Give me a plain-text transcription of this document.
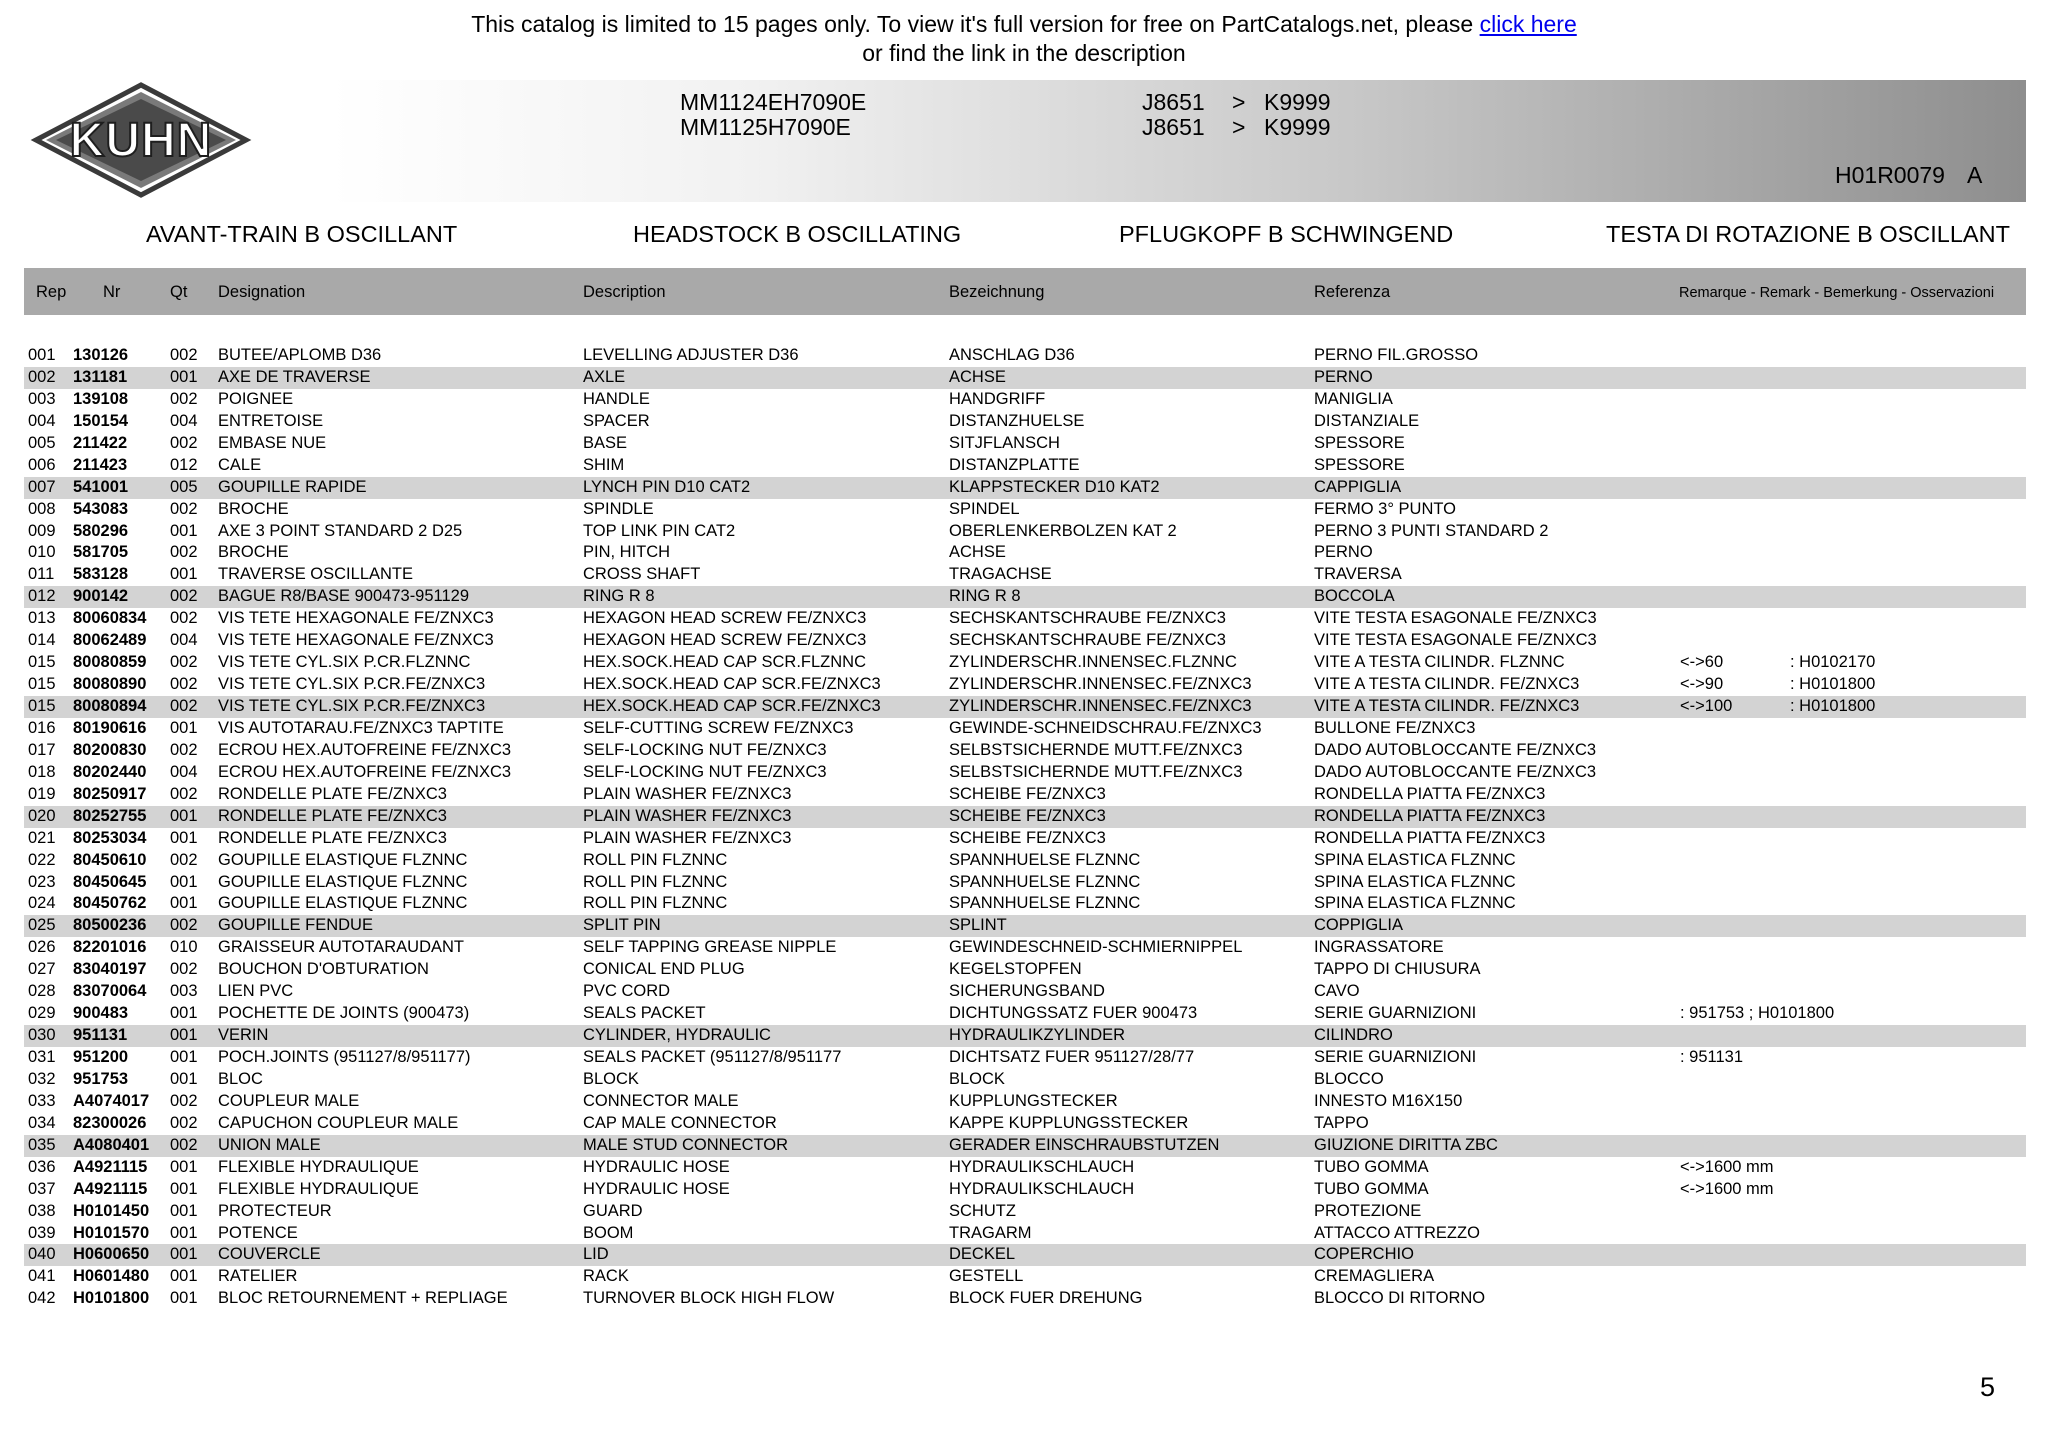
This catalog is limited to 15 pages only. To view it's full version for free on PartCatalogs.net, please click here
or find the link in the description
KUHN
MM1124EH7090E
MM1125H7090E
J8651
J8651
>
>
K9999
K9999
H01R0079 A
AVANT-TRAIN B OSCILLANT	HEADSTOCK B OSCILLATING	PFLUGKOPF B SCHWINGEND	TESTA DI ROTAZIONE B OSCILLANT
Rep Nr	Qt Designation	Description	Bezeichnung	Referenza	Remarque - Remark - Bemerkung - Osservazioni
001 130126	002 BUTEE/APLOMB D36	LEVELLING ADJUSTER D36	ANSCHLAG D36	PERNO FIL.GROSSO
002 131181	001 AXE DE TRAVERSE	AXLE	ACHSE	PERNO
003 139108	002 POIGNEE	HANDLE	HANDGRIFF	MANIGLIA
004 150154	004 ENTRETOISE	SPACER	DISTANZHUELSE	DISTANZIALE
005 211422	002 EMBASE NUE	BASE	SITJFLANSCH	SPESSORE
006 211423	012 CALE	SHIM	DISTANZPLATTE	SPESSORE
007 541001	005 GOUPILLE RAPIDE	LYNCH PIN D10 CAT2	KLAPPSTECKER D10 KAT2	CAPPIGLIA
008 543083	002 BROCHE	SPINDLE	SPINDEL	FERMO 3° PUNTO
009 580296	001 AXE 3 POINT STANDARD 2 D25	TOP LINK PIN CAT2	OBERLENKERBOLZEN KAT 2	PERNO 3 PUNTI STANDARD 2
010 581705	002 BROCHE	PIN, HITCH	ACHSE	PERNO
011 583128	001 TRAVERSE OSCILLANTE	CROSS SHAFT	TRAGACHSE	TRAVERSA
012 900142	002 BAGUE R8/BASE 900473-951129	RING R 8	RING R 8	BOCCOLA
013 80060834 002 VIS TETE HEXAGONALE FE/ZNXC3	HEXAGON HEAD SCREW FE/ZNXC3	SECHSKANTSCHRAUBE FE/ZNXC3	VITE TESTA ESAGONALE FE/ZNXC3
014 80062489 004 VIS TETE HEXAGONALE FE/ZNXC3	HEXAGON HEAD SCREW FE/ZNXC3	SECHSKANTSCHRAUBE FE/ZNXC3	VITE TESTA ESAGONALE FE/ZNXC3
015 80080859 002 VIS TETE CYL.SIX P.CR.FLZNNC	HEX.SOCK.HEAD CAP SCR.FLZNNC	ZYLINDERSCHR.INNENSEC.FLZNNC	VITE A TESTA CILINDR. FLZNNC	<->60	: H0102170
015 80080890 002 VIS TETE CYL.SIX P.CR.FE/ZNXC3	HEX.SOCK.HEAD CAP SCR.FE/ZNXC3	ZYLINDERSCHR.INNENSEC.FE/ZNXC3	VITE A TESTA CILINDR. FE/ZNXC3	<->90	: H0101800
015 80080894 002 VIS TETE CYL.SIX P.CR.FE/ZNXC3	HEX.SOCK.HEAD CAP SCR.FE/ZNXC3	ZYLINDERSCHR.INNENSEC.FE/ZNXC3	VITE A TESTA CILINDR. FE/ZNXC3	<->100	: H0101800
016 80190616 001 VIS AUTOTARAU.FE/ZNXC3 TAPTITE	SELF-CUTTING SCREW FE/ZNXC3	GEWINDE-SCHNEIDSCHRAU.FE/ZNXC3	BULLONE FE/ZNXC3
017 80200830 002 ECROU HEX.AUTOFREINE FE/ZNXC3	SELF-LOCKING NUT FE/ZNXC3	SELBSTSICHERNDE MUTT.FE/ZNXC3	DADO AUTOBLOCCANTE FE/ZNXC3
018 80202440 004 ECROU HEX.AUTOFREINE FE/ZNXC3	SELF-LOCKING NUT FE/ZNXC3	SELBSTSICHERNDE MUTT.FE/ZNXC3	DADO AUTOBLOCCANTE FE/ZNXC3
019 80250917 002 RONDELLE PLATE FE/ZNXC3	PLAIN WASHER FE/ZNXC3	SCHEIBE FE/ZNXC3	RONDELLA PIATTA FE/ZNXC3
020 80252755 001 RONDELLE PLATE FE/ZNXC3	PLAIN WASHER FE/ZNXC3	SCHEIBE FE/ZNXC3	RONDELLA PIATTA FE/ZNXC3
021 80253034 001 RONDELLE PLATE FE/ZNXC3	PLAIN WASHER FE/ZNXC3	SCHEIBE FE/ZNXC3	RONDELLA PIATTA FE/ZNXC3
022 80450610 002 GOUPILLE ELASTIQUE FLZNNC	ROLL PIN FLZNNC	SPANNHUELSE FLZNNC	SPINA ELASTICA FLZNNC
023 80450645 001 GOUPILLE ELASTIQUE FLZNNC	ROLL PIN FLZNNC	SPANNHUELSE FLZNNC	SPINA ELASTICA FLZNNC
024 80450762 001 GOUPILLE ELASTIQUE FLZNNC	ROLL PIN FLZNNC	SPANNHUELSE FLZNNC	SPINA ELASTICA FLZNNC
025 80500236 002 GOUPILLE FENDUE	SPLIT PIN	SPLINT	COPPIGLIA
026 82201016 010 GRAISSEUR AUTOTARAUDANT	SELF TAPPING GREASE NIPPLE	GEWINDESCHNEID-SCHMIERNIPPEL	INGRASSATORE
027 83040197 002 BOUCHON D'OBTURATION	CONICAL END PLUG	KEGELSTOPFEN	TAPPO DI CHIUSURA
028 83070064 003 LIEN PVC	PVC CORD	SICHERUNGSBAND	CAVO
029 900483	001 POCHETTE DE JOINTS (900473)	SEALS PACKET	DICHTUNGSSATZ FUER 900473	SERIE GUARNIZIONI	: 951753 ; H0101800
030 951131	001 VERIN	CYLINDER, HYDRAULIC	HYDRAULIKZYLINDER	CILINDRO
031 951200	001 POCH.JOINTS (951127/8/951177)	SEALS PACKET (951127/8/951177	DICHTSATZ FUER 951127/28/77	SERIE GUARNIZIONI	: 951131
032 951753	001 BLOC	BLOCK	BLOCK	BLOCCO
033 A4074017 002 COUPLEUR MALE	CONNECTOR MALE	KUPPLUNGSTECKER	INNESTO M16X150
034 82300026 002 CAPUCHON COUPLEUR MALE	CAP MALE CONNECTOR	KAPPE KUPPLUNGSSTECKER	TAPPO
035 A4080401 002 UNION MALE	MALE STUD CONNECTOR	GERADER EINSCHRAUBSTUTZEN	GIUZIONE DIRITTA ZBC
036 A4921115 001 FLEXIBLE HYDRAULIQUE	HYDRAULIC HOSE	HYDRAULIKSCHLAUCH	TUBO GOMMA	<->1600 mm
037 A4921115 001 FLEXIBLE HYDRAULIQUE	HYDRAULIC HOSE	HYDRAULIKSCHLAUCH	TUBO GOMMA	<->1600 mm
038 H0101450 001 PROTECTEUR	GUARD	SCHUTZ	PROTEZIONE
039 H0101570 001 POTENCE	BOOM	TRAGARM	ATTACCO ATTREZZO
040 H0600650 001 COUVERCLE	LID	DECKEL	COPERCHIO
041 H0601480 001 RATELIER	RACK	GESTELL	CREMAGLIERA
042 H0101800 001 BLOC RETOURNEMENT + REPLIAGE	TURNOVER BLOCK HIGH FLOW	BLOCK FUER DREHUNG	BLOCCO DI RITORNO
5
